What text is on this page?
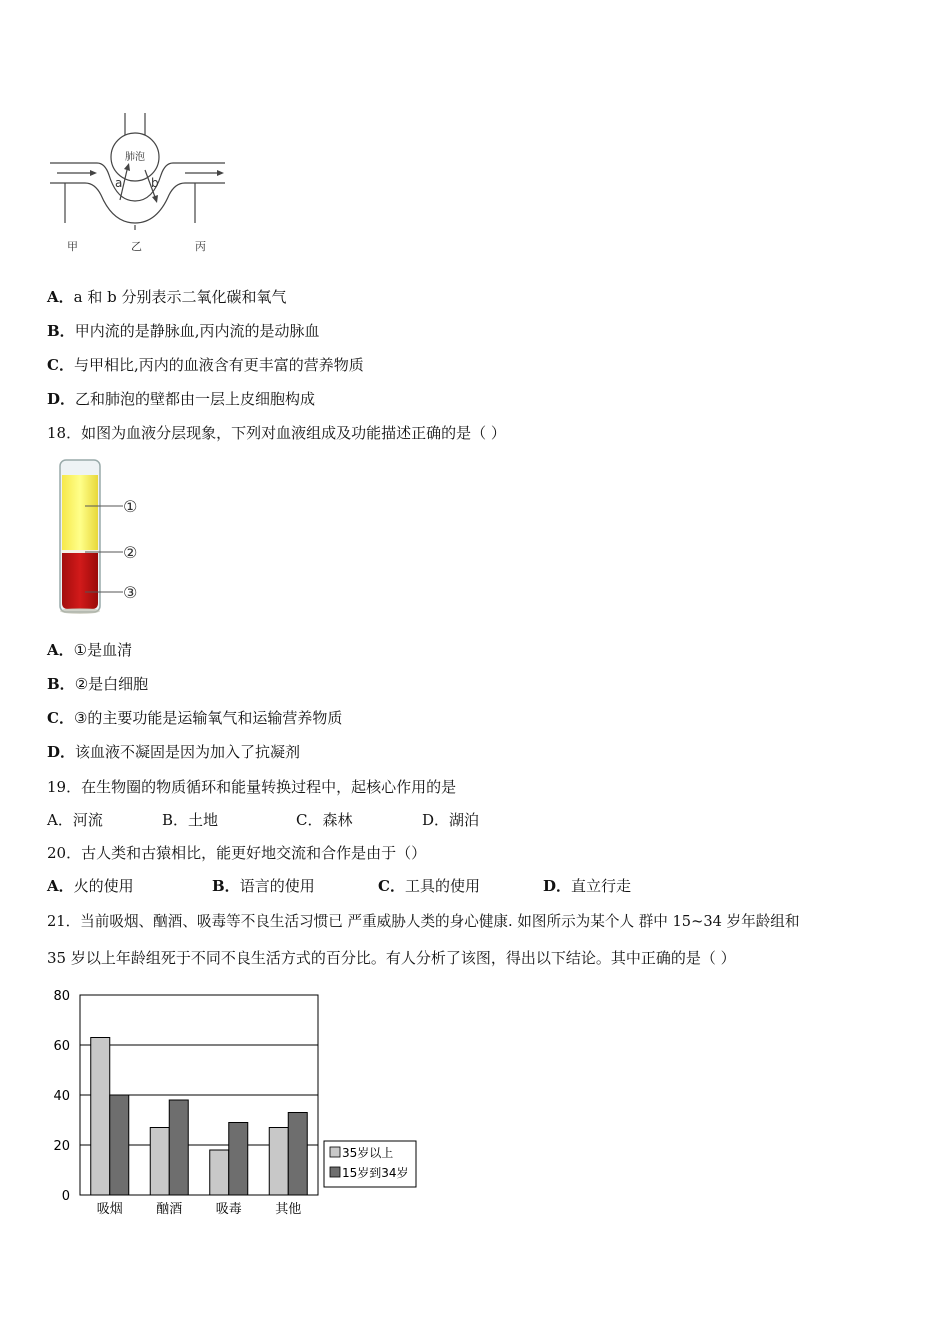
肺泡
a b
甲	乙	丙
A．a 和 b 分别表示二氧化碳和氧气
B．甲内流的是静脉血,丙内流的是动脉血
C．与甲相比,丙内的血液含有更丰富的营养物质
D．乙和肺泡的壁都由一层上皮细胞构成
18．如图为血液分层现象，下列对血液组成及功能描述正确的是（ ）
①
②
③
A．①是血清
B．②是白细胞
C．③的主要功能是运输氧气和运输营养物质
D．该血液不凝固是因为加入了抗凝剂
19．在生物圈的物质循环和能量转换过程中，起核心作用的是
A．河流	B．土地	C．森林	D．湖泊
20．古人类和古猿相比，能更好地交流和合作是由于（）
A．火的使用	B．语言的使用	C．工具的使用	D．直立行走
21．当前吸烟、酗酒、吸毒等不良生活习惯已 严重威胁人类的身心健康. 如图所示为某个人 群中 15~34 岁年龄组和
35 岁以上年龄组死于不同不良生活方式的百分比。有人分析了该图，得出以下结论。其中正确的是（ ）
80
60
40
20
0
吸烟	酗酒	吸毒	其他
35岁以上
15岁到34岁
